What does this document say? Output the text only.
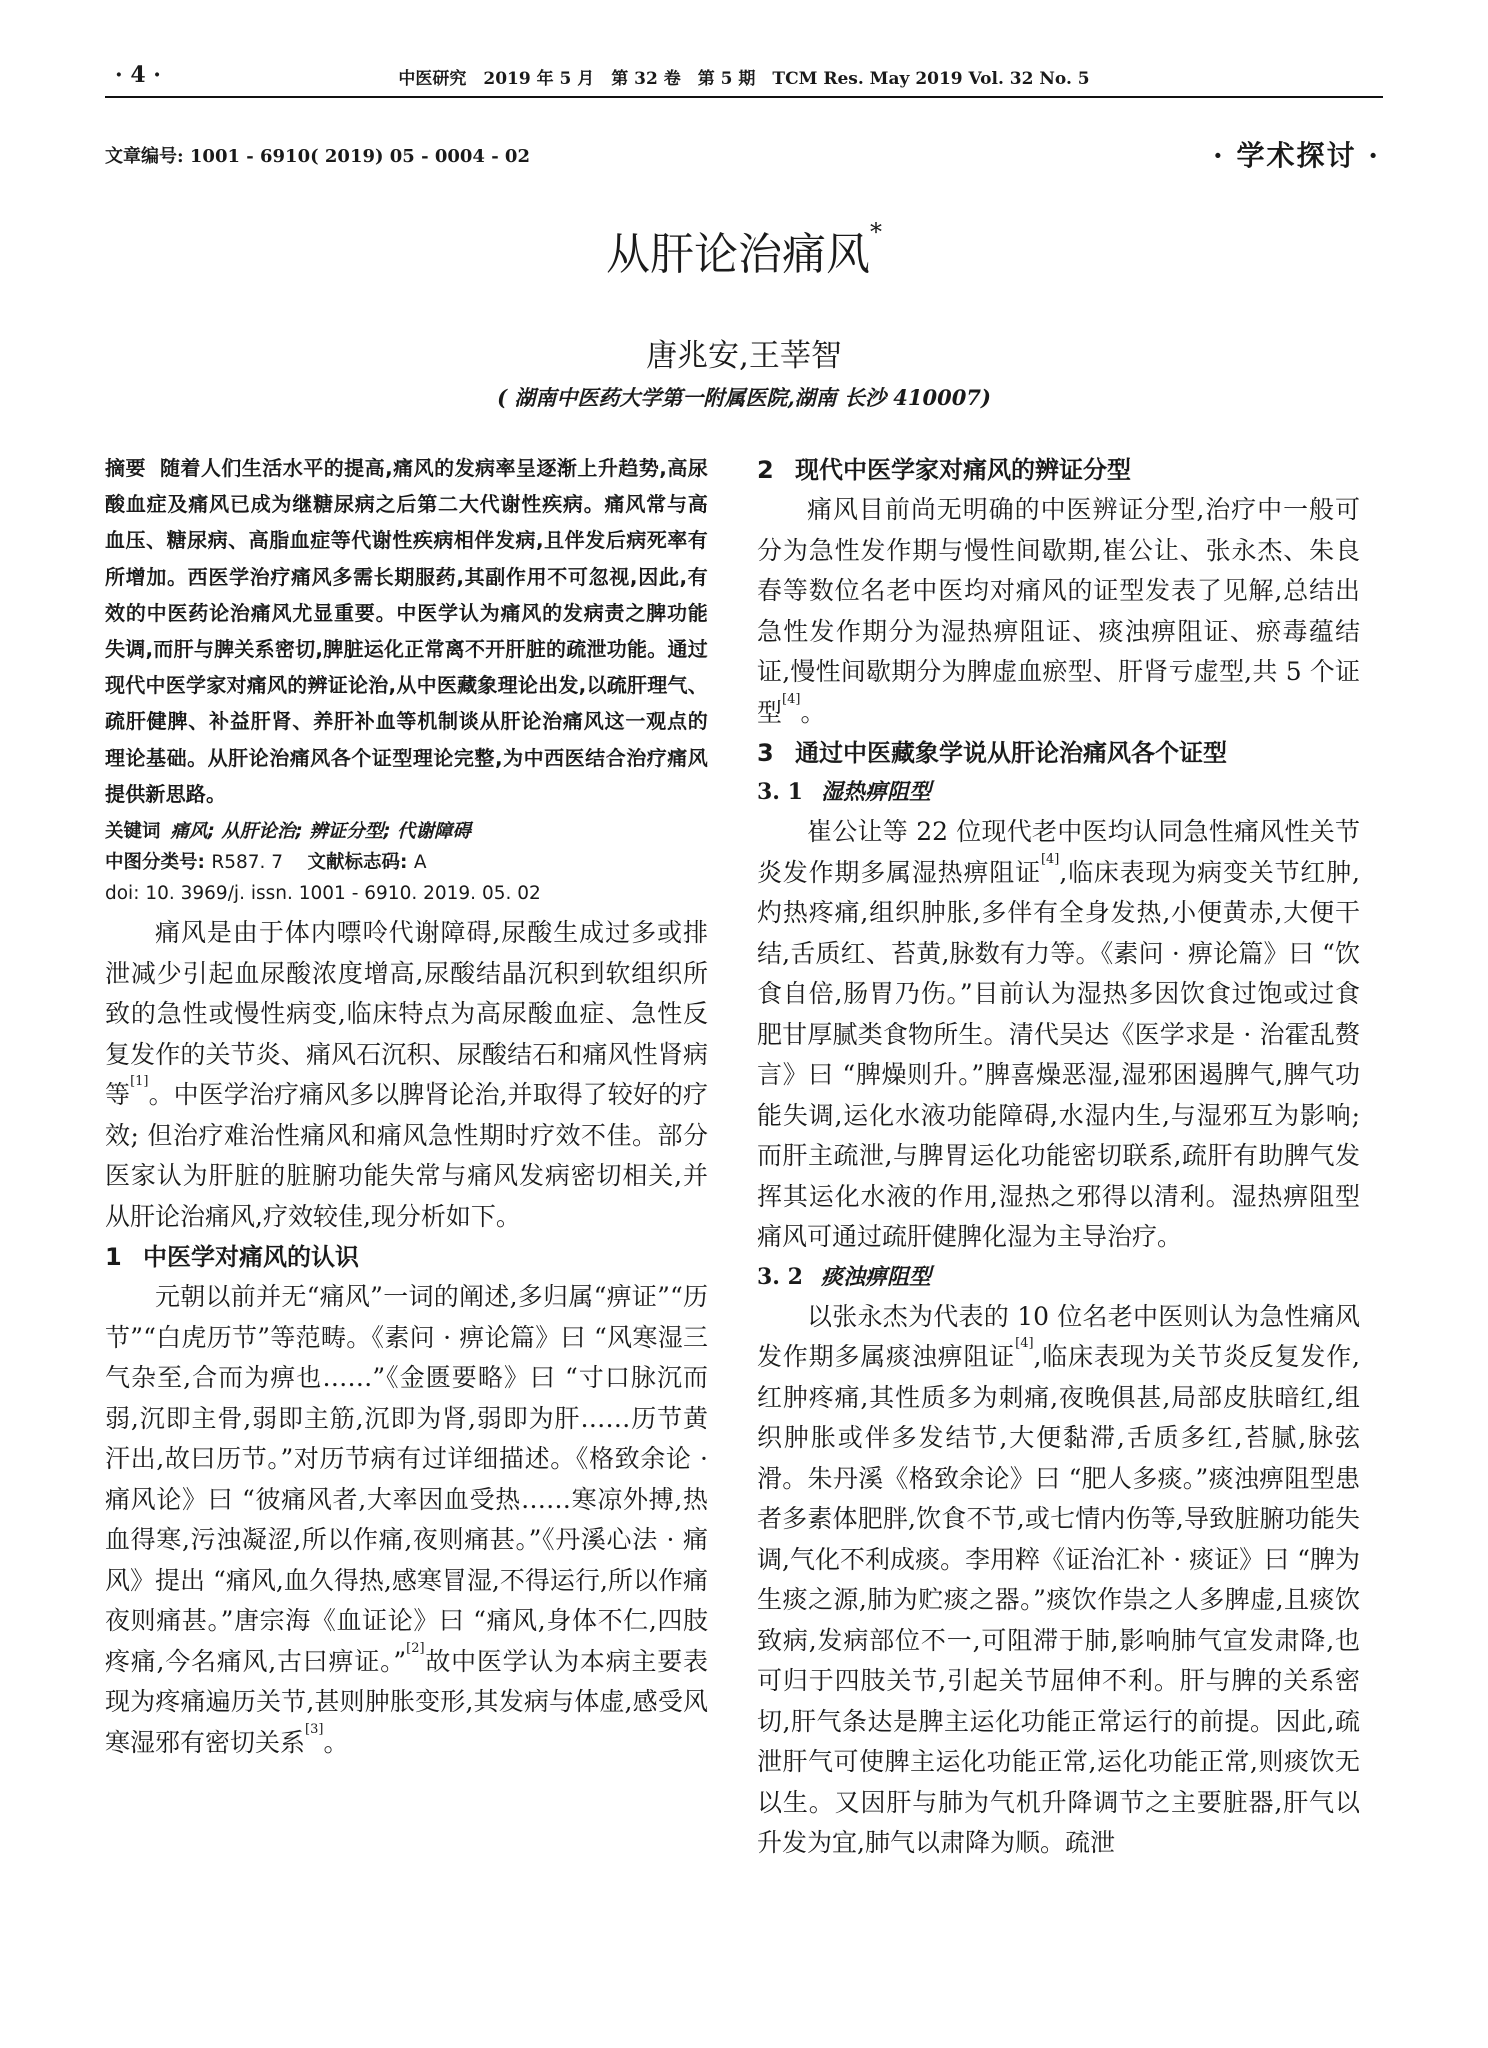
· 4 ·	中医研究　2019 年 5 月　第 32 卷　第 5 期　TCM Res. May 2019 Vol. 32 No. 5
文章编号: 1001 - 6910( 2019) 05 - 0004 - 02	· 学术探讨 ·
从肝论治痛风*
唐兆安,王莘智
( 湖南中医药大学第一附属医院,湖南 长沙 410007)
摘要 随着人们生活水平的提高,痛风的发病率呈逐渐上升趋势,高尿酸血症及痛风已成为继糖尿病之后第二大代谢性疾病。痛风常与高血压、糖尿病、高脂血症等代谢性疾病相伴发病,且伴发后病死率有所增加。西医学治疗痛风多需长期服药,其副作用不可忽视,因此,有效的中医药论治痛风尤显重要。中医学认为痛风的发病责之脾功能失调,而肝与脾关系密切,脾脏运化正常离不开肝脏的疏泄功能。通过现代中医学家对痛风的辨证论治,从中医藏象理论出发,以疏肝理气、疏肝健脾、补益肝肾、养肝补血等机制谈从肝论治痛风这一观点的理论基础。从肝论治痛风各个证型理论完整,为中西医结合治疗痛风提供新思路。
关键词 痛风; 从肝论治; 辨证分型; 代谢障碍
中图分类号: R587. 7 文献标志码: A
doi: 10. 3969/j. issn. 1001 - 6910. 2019. 05. 02

痛风是由于体内嘌呤代谢障碍,尿酸生成过多或排泄减少引起血尿酸浓度增高,尿酸结晶沉积到软组织所致的急性或慢性病变,临床特点为高尿酸血症、急性反复发作的关节炎、痛风石沉积、尿酸结石和痛风性肾病等[1]。中医学治疗痛风多以脾肾论治,并取得了较好的疗效; 但治疗难治性痛风和痛风急性期时疗效不佳。部分医家认为肝脏的脏腑功能失常与痛风发病密切相关,并从肝论治痛风,疗效较佳,现分析如下。

1 中医学对痛风的认识

元朝以前并无“痛风”一词的阐述,多归属“痹证”“历节”“白虎历节”等范畴。《素问 · 痹论篇》曰 “风寒湿三气杂至,合而为痹也……”《金匮要略》曰 “寸口脉沉而弱,沉即主骨,弱即主筋,沉即为肾,弱即为肝……历节黄汗出,故曰历节。”对历节病有过详细描述。《格致余论 · 痛风论》曰 “彼痛风者,大率因血受热……寒凉外搏,热血得寒,污浊凝涩,所以作痛,夜则痛甚。”《丹溪心法 · 痛风》提出 “痛风,血久得热,感寒冒湿,不得运行,所以作痛夜则痛甚。”唐宗海《血证论》曰 “痛风,身体不仁,四肢疼痛,今名痛风,古曰痹证。”[2]故中医学认为本病主要表现为疼痛遍历关节,甚则肿胀变形,其发病与体虚,感受风寒湿邪有密切关系[3]。

2 现代中医学家对痛风的辨证分型

痛风目前尚无明确的中医辨证分型,治疗中一般可分为急性发作期与慢性间歇期,崔公让、张永杰、朱良春等数位名老中医均对痛风的证型发表了见解,总结出急性发作期分为湿热痹阻证、痰浊痹阻证、瘀毒蕴结证,慢性间歇期分为脾虚血瘀型、肝肾亏虚型,共 5 个证型[4]。

3 通过中医藏象学说从肝论治痛风各个证型
3. 1 湿热痹阻型

崔公让等 22 位现代老中医均认同急性痛风性关节炎发作期多属湿热痹阻证[4],临床表现为病变关节红肿,灼热疼痛,组织肿胀,多伴有全身发热,小便黄赤,大便干结,舌质红、苔黄,脉数有力等。《素问 · 痹论篇》曰 “饮食自倍,肠胃乃伤。”目前认为湿热多因饮食过饱或过食肥甘厚腻类食物所生。清代吴达《医学求是 · 治霍乱赘言》曰 “脾燥则升。”脾喜燥恶湿,湿邪困遏脾气,脾气功能失调,运化水液功能障碍,水湿内生,与湿邪互为影响; 而肝主疏泄,与脾胃运化功能密切联系,疏肝有助脾气发挥其运化水液的作用,湿热之邪得以清利。湿热痹阻型痛风可通过疏肝健脾化湿为主导治疗。

3. 2 痰浊痹阻型

以张永杰为代表的 10 位名老中医则认为急性痛风发作期多属痰浊痹阻证[4],临床表现为关节炎反复发作,红肿疼痛,其性质多为刺痛,夜晚俱甚,局部皮肤暗红,组织肿胀或伴多发结节,大便黏滞,舌质多红,苔腻,脉弦滑。朱丹溪《格致余论》曰 “肥人多痰。”痰浊痹阻型患者多素体肥胖,饮食不节,或七情内伤等,导致脏腑功能失调,气化不利成痰。李用粹《证治汇补 · 痰证》曰 “脾为生痰之源,肺为贮痰之器。”痰饮作祟之人多脾虚,且痰饮致病,发病部位不一,可阻滞于肺,影响肺气宣发肃降,也可归于四肢关节,引起关节屈伸不利。肝与脾的关系密切,肝气条达是脾主运化功能正常运行的前提。因此,疏泄肝气可使脾主运化功能正常,运化功能正常,则痰饮无以生。又因肝与肺为气机升降调节之主要脏器,肝气以升发为宜,肺气以肃降为顺。疏泄
